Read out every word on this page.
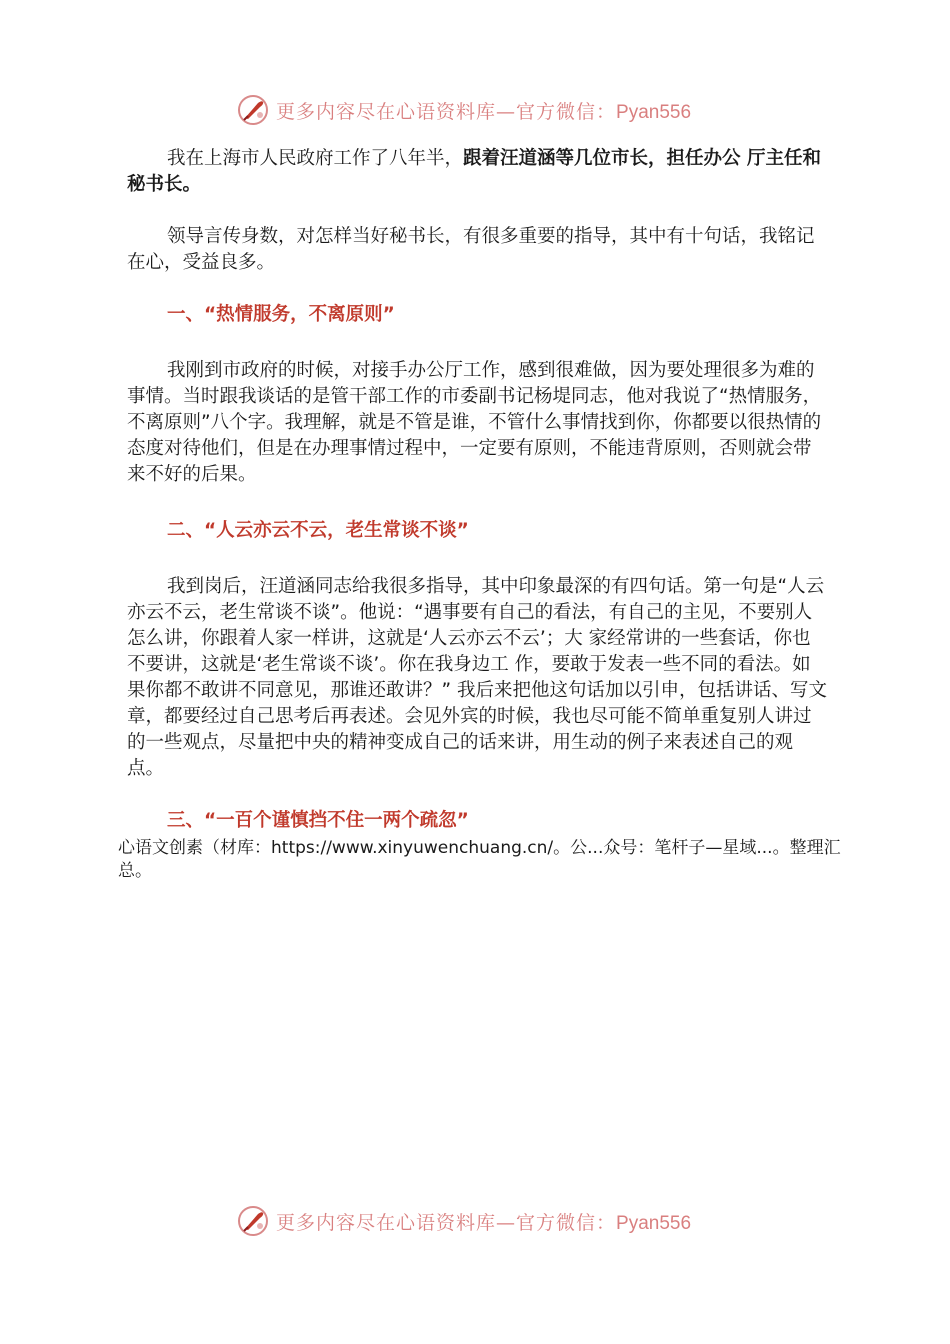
更多内容尽在心语资料库—官方微信：Pyan556

我在上海市人民政府工作了八年半，跟着汪道涵等几位市长，担任办公 厅主任和秘书长。

领导言传身数，对怎样当好秘书长，有很多重要的指导，其中有十句话，我铭记在心，受益良多。

一、“热情服务，不离原则”

我刚到市政府的时候，对接手办公厅工作，感到很难做，因为要处理很多为难的事情。当时跟我谈话的是管干部工作的市委副书记杨堤同志，他对我说了“热情服务，不离原则”八个字。我理解，就是不管是谁，不管什么事情找到你，你都要以很热情的态度对待他们，但是在办理事情过程中，一定要有原则，不能违背原则，否则就会带来不好的后果。

二、“人云亦云不云，老生常谈不谈”

我到岗后，汪道涵同志给我很多指导，其中印象最深的有四句话。第一句是“人云亦云不云，老生常谈不谈”。他说：“遇事要有自己的看法，有自己的主见，不要别人怎么讲，你跟着人家一样讲，这就是‘人云亦云不云’；大 家经常讲的一些套话，你也不要讲，这就是‘老生常谈不谈’。你在我身边工 作，要敢于发表一些不同的看法。如果你都不敢讲不同意见，那谁还敢讲？” 我后来把他这句话加以引申，包括讲话、写文章，都要经过自己思考后再表述。会见外宾的时候，我也尽可能不简单重复别人讲过的一些观点，尽量把中央的精神变成自己的话来讲，用生动的例子来表述自己的观点。

三、“一百个谨慎挡不住一两个疏忽”
心语文创素（材库：https://www.xinyuwenchuang.cn/。公...众号：笔杆子—星域...。整理汇总。
更多内容尽在心语资料库—官方微信：Pyan556
